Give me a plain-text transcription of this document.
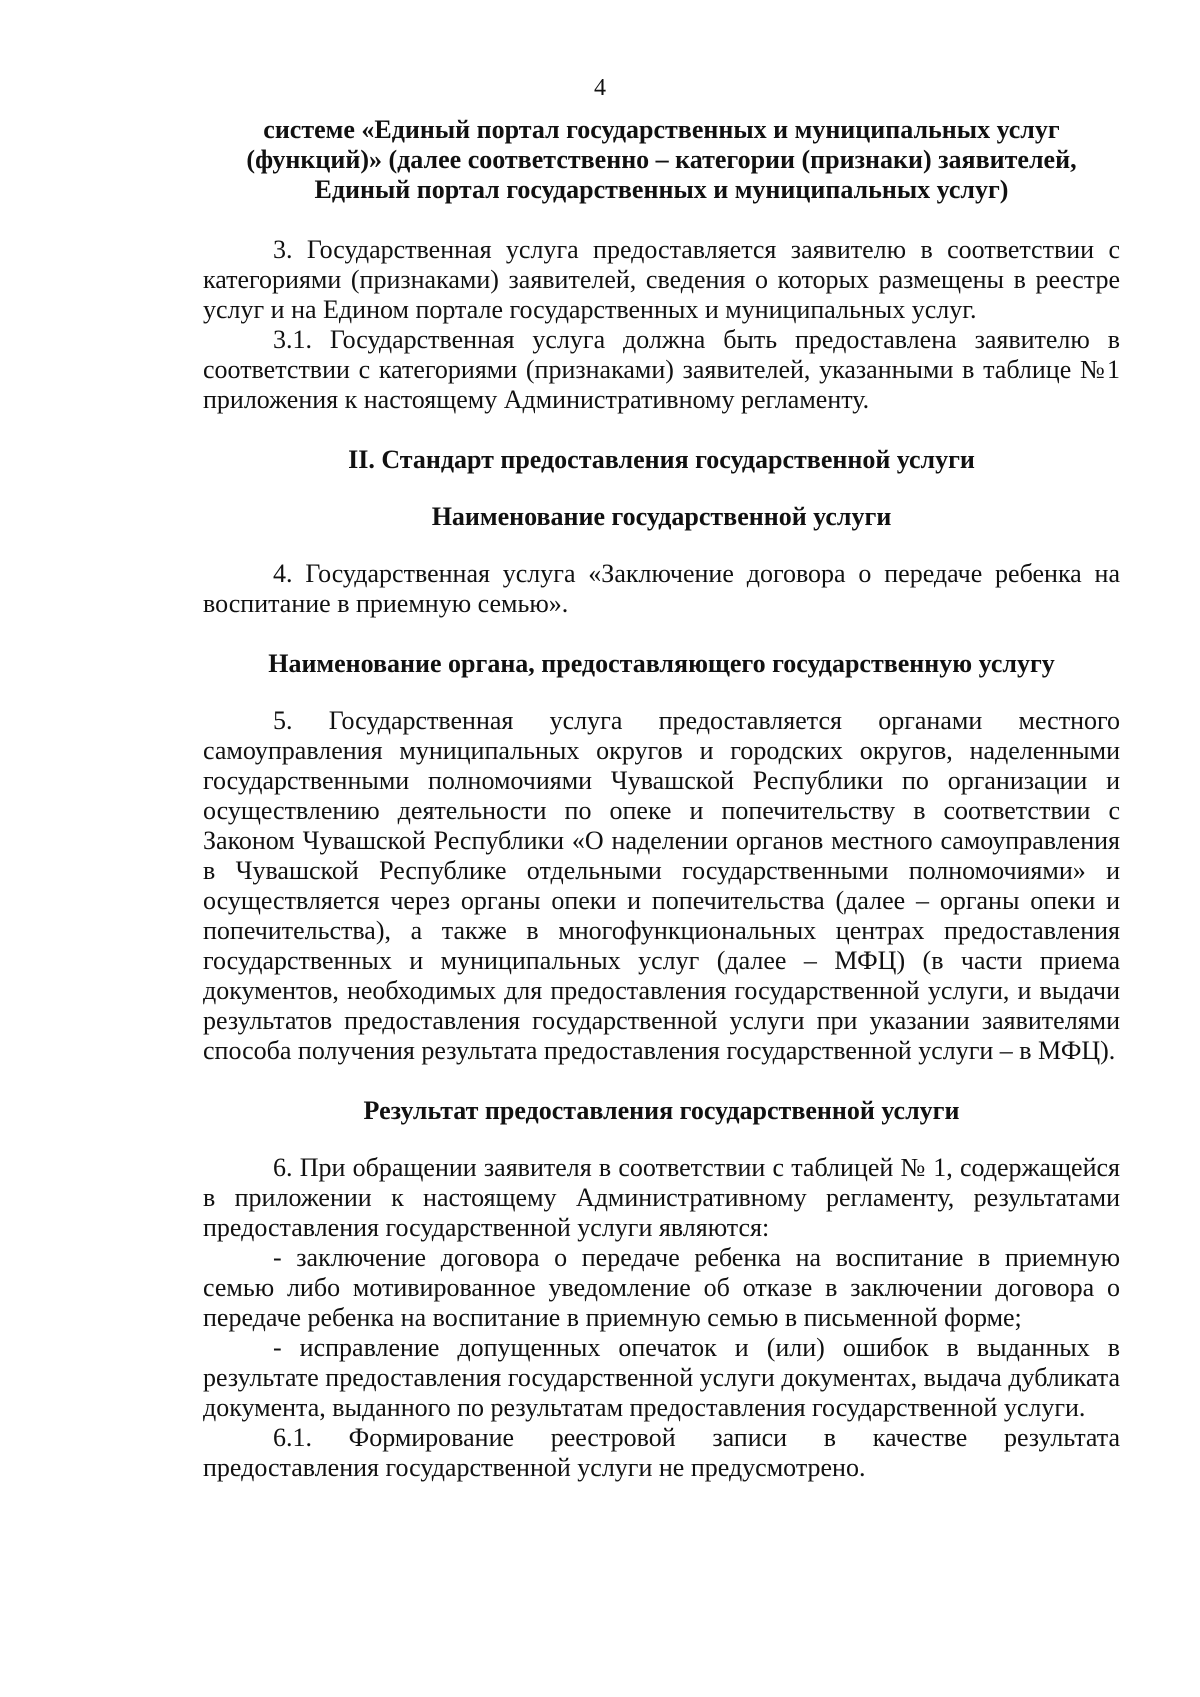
4

системе «Единый портал государственных и муниципальных услуг (функций)» (далее соответственно – категории (признаки) заявителей, Единый портал государственных и муниципальных услуг)

3. Государственная услуга предоставляется заявителю в соответствии с категориями (признаками) заявителей, сведения о которых размещены в реестре услуг и на Едином портале государственных и муниципальных услуг.

3.1. Государственная услуга должна быть предоставлена заявителю в соответствии с категориями (признаками) заявителей, указанными в таблице №1 приложения к настоящему Административному регламенту.

II. Стандарт предоставления государственной услуги

Наименование государственной услуги

4. Государственная услуга «Заключение договора о передаче ребенка на воспитание в приемную семью».

Наименование органа, предоставляющего государственную услугу

5. Государственная услуга предоставляется органами местного самоуправления муниципальных округов и городских округов, наделенными государственными полномочиями Чувашской Республики по организации и осуществлению деятельности по опеке и попечительству в соответствии с Законом Чувашской Республики «О наделении органов местного самоуправления в Чувашской Республике отдельными государственными полномочиями» и осуществляется через органы опеки и попечительства (далее – органы опеки и попечительства), а также в многофункциональных центрах предоставления государственных и муниципальных услуг (далее – МФЦ) (в части приема документов, необходимых для предоставления государственной услуги, и выдачи результатов предоставления государственной услуги при указании заявителями способа получения результата предоставления государственной услуги – в МФЦ).

Результат предоставления государственной услуги

6. При обращении заявителя в соответствии с таблицей № 1, содержащейся в приложении к настоящему Административному регламенту, результатами предоставления государственной услуги являются:

- заключение договора о передаче ребенка на воспитание в приемную семью либо мотивированное уведомление об отказе в заключении договора о передаче ребенка на воспитание в приемную семью в письменной форме;

- исправление допущенных опечаток и (или) ошибок в выданных в результате предоставления государственной услуги документах, выдача дубликата документа, выданного по результатам предоставления государственной услуги.

6.1. Формирование реестровой записи в качестве результата предоставления государственной услуги не предусмотрено.
